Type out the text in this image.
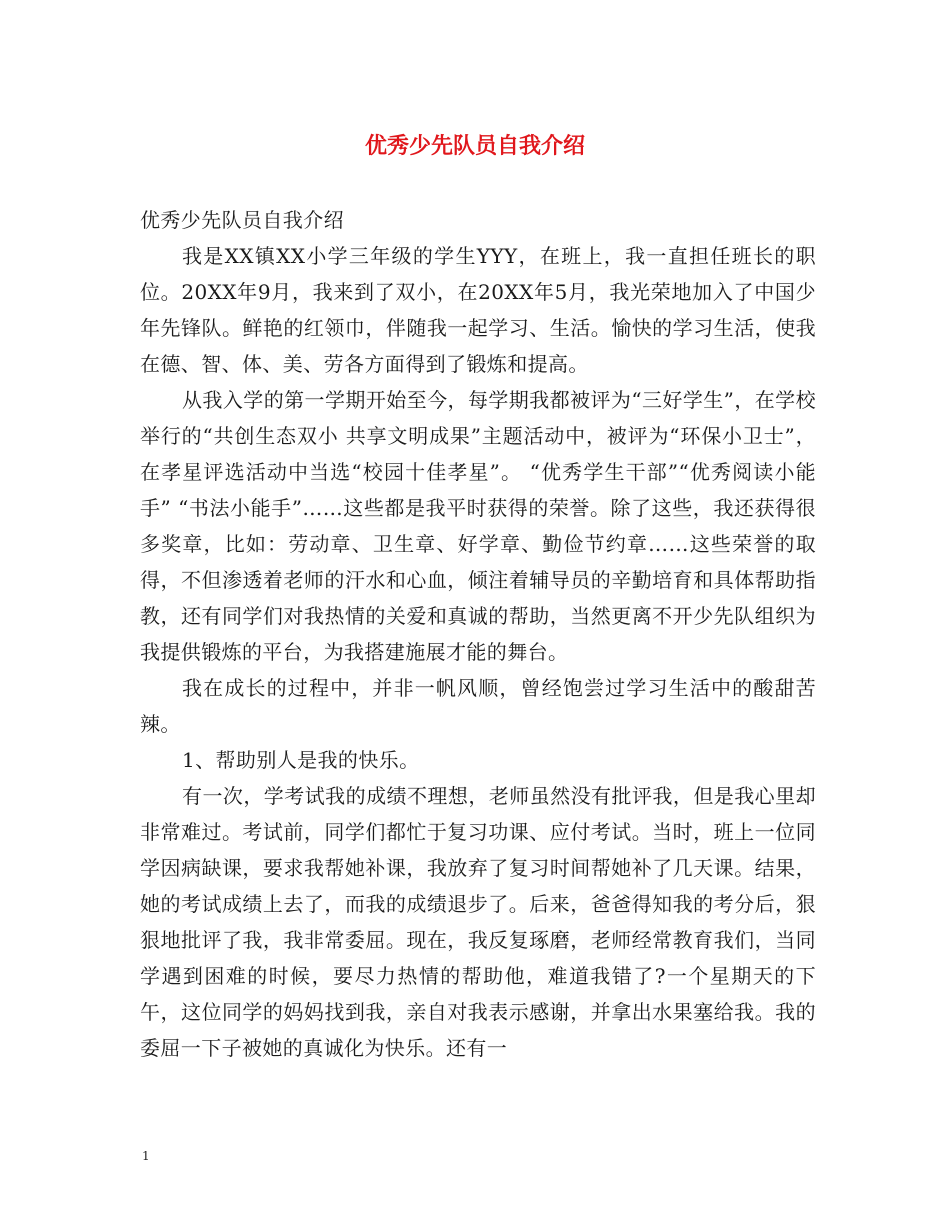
优秀少先队员自我介绍

优秀少先队员自我介绍

我是XX镇XX小学三年级的学生YYY，在班上，我一直担任班长的职位。20XX年9月，我来到了双小，在20XX年5月，我光荣地加入了中国少年先锋队。鲜艳的红领巾，伴随我一起学习、生活。愉快的学习生活，使我在德、智、体、美、劳各方面得到了锻炼和提高。

从我入学的第一学期开始至今，每学期我都被评为“三好学生”，在学校举行的“共创生态双小 共享文明成果”主题活动中，被评为“环保小卫士”，在孝星评选活动中当选“校园十佳孝星”。 “优秀学生干部”“优秀阅读小能手” “书法小能手”……这些都是我平时获得的荣誉。除了这些，我还获得很多奖章，比如：劳动章、卫生章、好学章、勤俭节约章……这些荣誉的取得，不但渗透着老师的汗水和心血，倾注着辅导员的辛勤培育和具体帮助指教，还有同学们对我热情的关爱和真诚的帮助，当然更离不开少先队组织为我提供锻炼的平台，为我搭建施展才能的舞台。

我在成长的过程中，并非一帆风顺，曾经饱尝过学习生活中的酸甜苦辣。

1、帮助别人是我的快乐。

有一次，学考试我的成绩不理想，老师虽然没有批评我，但是我心里却非常难过。考试前，同学们都忙于复习功课、应付考试。当时，班上一位同学因病缺课，要求我帮她补课，我放弃了复习时间帮她补了几天课。结果，她的考试成绩上去了，而我的成绩退步了。后来，爸爸得知我的考分后，狠狠地批评了我，我非常委屈。现在，我反复琢磨，老师经常教育我们，当同学遇到困难的时候，要尽力热情的帮助他，难道我错了?一个星期天的下午，这位同学的妈妈找到我，亲自对我表示感谢，并拿出水果塞给我。我的委屈一下子被她的真诚化为快乐。还有一

1
